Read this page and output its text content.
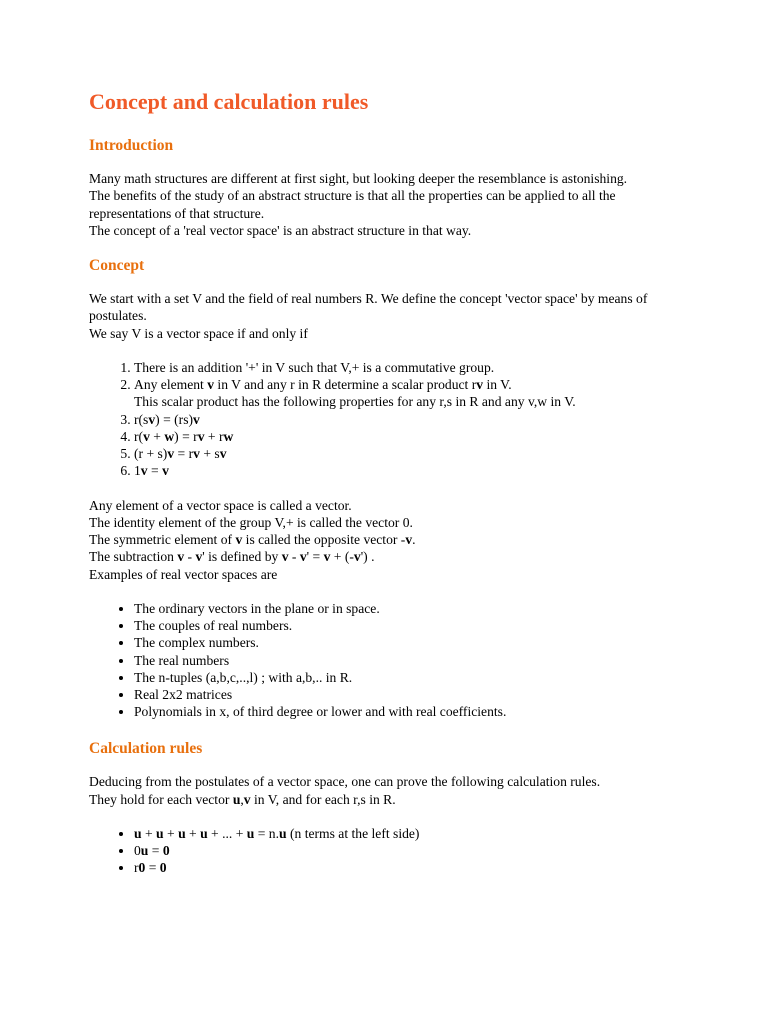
Concept and calculation rules
Introduction

Many math structures are different at first sight, but looking deeper the resemblance is astonishing.

The benefits of the study of an abstract structure is that all the properties can be applied to all the representations of that structure.

The concept of a 'real vector space' is an abstract structure in that way.

Concept

We start with a set V and the field of real numbers R. We define the concept 'vector space' by means of postulates.

We say V is a vector space if and only if

1. There is an addition '+' in V such that V,+ is a commutative group.
2. Any element v in V and any r in R determine a scalar product rv in V.
This scalar product has the following properties for any r,s in R and any v,w in V.
3. r(sv) = (rs)v
4. r(v + w) = rv + rw
5. (r + s)v = rv + sv
6. 1v = v

Any element of a vector space is called a vector.

The identity element of the group V,+ is called the vector 0.

The symmetric element of v is called the opposite vector -v.

The subtraction v - v' is defined by v - v' = v + (-v') .

Examples of real vector spaces are

• The ordinary vectors in the plane or in space.
• The couples of real numbers.
• The complex numbers.
• The real numbers
• The n-tuples (a,b,c,..,l) ; with a,b,.. in R.
• Real 2x2 matrices
• Polynomials in x, of third degree or lower and with real coefficients.
Calculation rules

Deducing from the postulates of a vector space, one can prove the following calculation rules.

They hold for each vector u,v in V, and for each r,s in R.

• u + u + u + u + ... + u = n.u (n terms at the left side)
• 0u = 0
• r0 = 0
